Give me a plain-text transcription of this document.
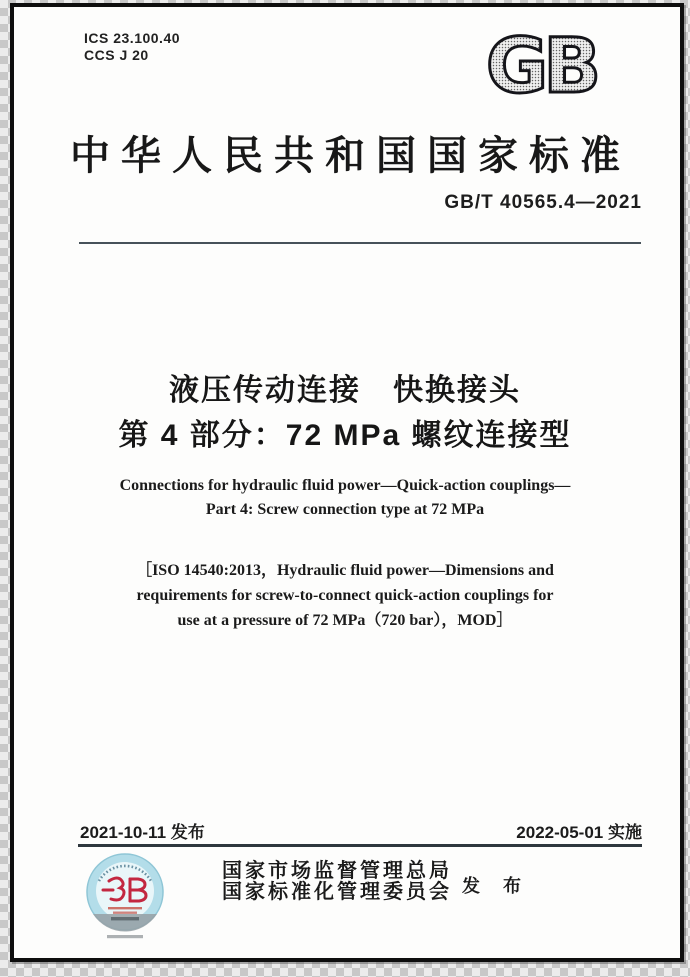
ICS 23.100.40
CCS J 20	GB
中华人民共和国国家标准
GB/T 40565.4—2021
液压传动连接　快换接头
第 4 部分：72 MPa 螺纹连接型
Connections for hydraulic fluid power—Quick-action couplings—
Part 4: Screw connection type at 72 MPa
［ISO 14540:2013，Hydraulic fluid power—Dimensions and
requirements for screw-to-connect quick-action couplings for
use at a pressure of 72 MPa（720 bar），MOD］
2021-10-11 发布	2022-05-01 实施
国家市场监督管理总局
国家标准化管理委员会 发 布
